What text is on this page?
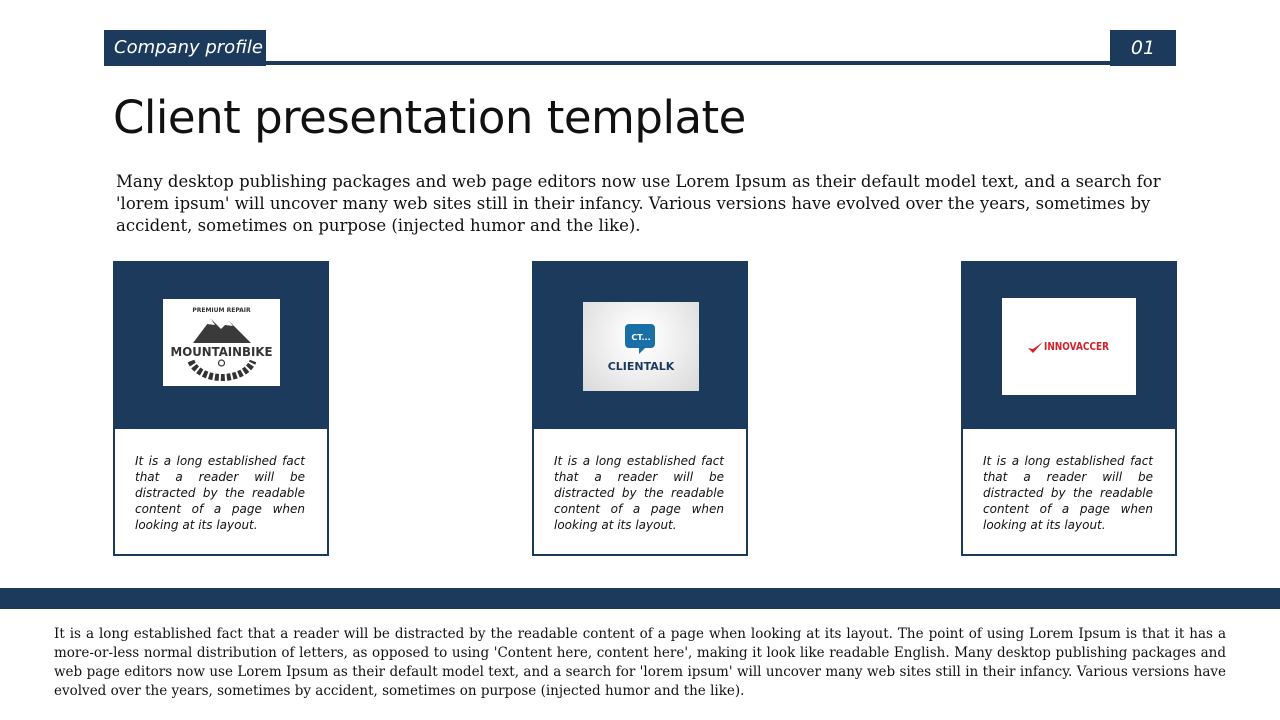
Company profile	01
Client presentation template
Many desktop publishing packages and web page editors now use Lorem Ipsum as their default model text, and a search for 'lorem ipsum' will uncover many web sites still in their infancy. Various versions have evolved over the years, sometimes by accident, sometimes on purpose (injected humor and the like).
PREMIUM REPAIR
MOUNTAINBIKE
ADVENTURE
It is a long established fact that a reader will be distracted by the readable content of a page when looking at its layout.
CT...
CLIENTALK
It is a long established fact that a reader will be distracted by the readable content of a page when looking at its layout.
INNOVACCER
It is a long established fact that a reader will be distracted by the readable content of a page when looking at its layout.
It is a long established fact that a reader will be distracted by the readable content of a page when looking at its layout. The point of using Lorem Ipsum is that it has a more-or-less normal distribution of letters, as opposed to using 'Content here, content here', making it look like readable English. Many desktop publishing packages and web page editors now use Lorem Ipsum as their default model text, and a search for 'lorem ipsum' will uncover many web sites still in their infancy. Various versions have evolved over the years, sometimes by accident, sometimes on purpose (injected humor and the like).
